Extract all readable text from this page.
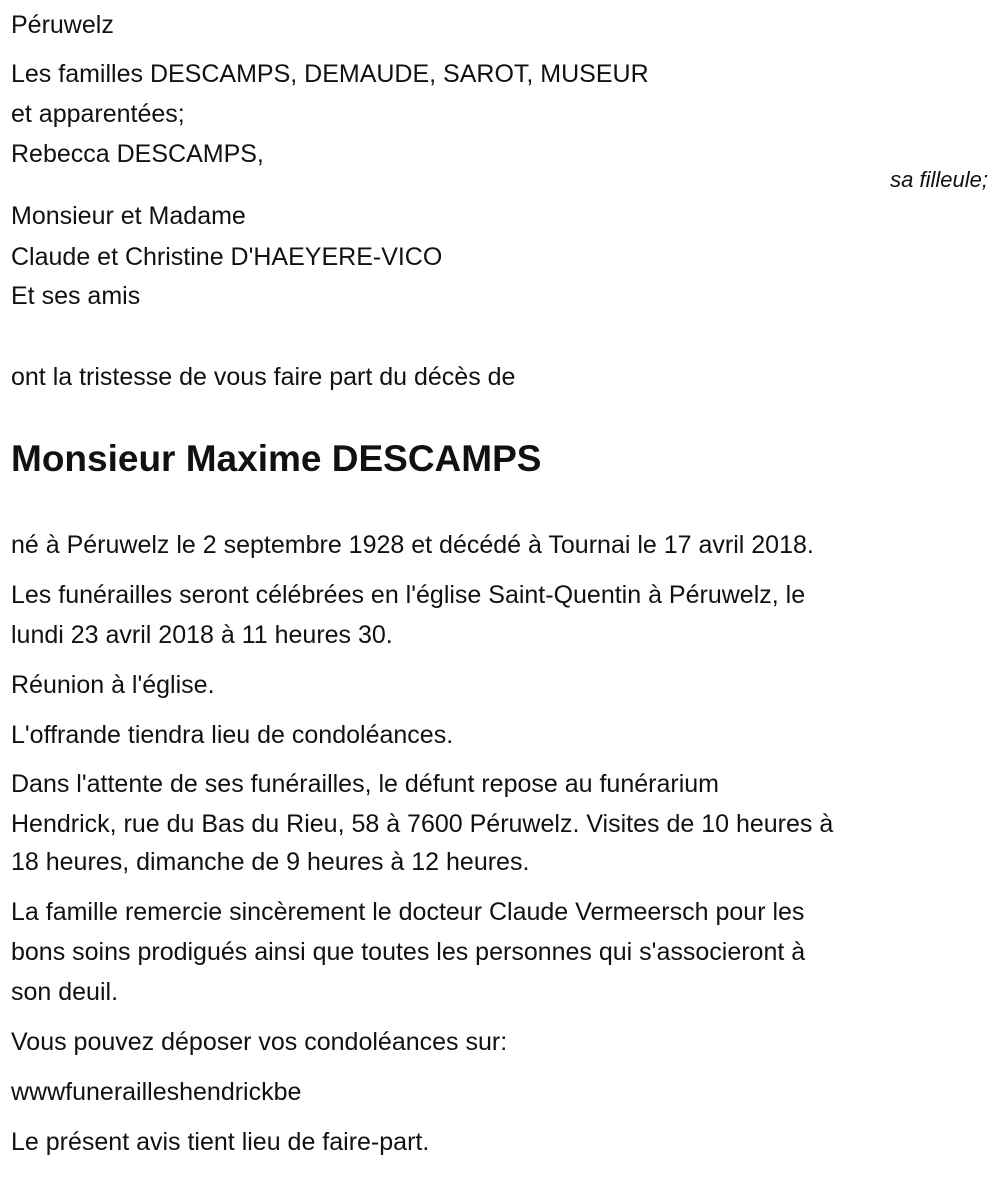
Péruwelz
Les familles DESCAMPS, DEMAUDE, SAROT, MUSEUR
et apparentées;
Rebecca DESCAMPS,
sa filleule;
Monsieur et Madame
Claude et Christine D'HAEYERE-VICO
Et ses amis
ont la tristesse de vous faire part du décès de
Monsieur Maxime DESCAMPS
né à Péruwelz le 2 septembre 1928 et décédé à Tournai le 17 avril 2018.
Les funérailles seront célébrées en l'église Saint-Quentin à Péruwelz, le
lundi 23 avril 2018 à 11 heures 30.
Réunion à l'église.
L'offrande tiendra lieu de condoléances.
Dans l'attente de ses funérailles, le défunt repose au funérarium
Hendrick, rue du Bas du Rieu, 58 à 7600 Péruwelz. Visites de 10 heures à
18 heures, dimanche de 9 heures à 12 heures.
La famille remercie sincèrement le docteur Claude Vermeersch pour les
bons soins prodigués ainsi que toutes les personnes qui s'associeront à
son deuil.
Vous pouvez déposer vos condoléances sur:
wwwfunerailleshendrickbe
Le présent avis tient lieu de faire-part.
